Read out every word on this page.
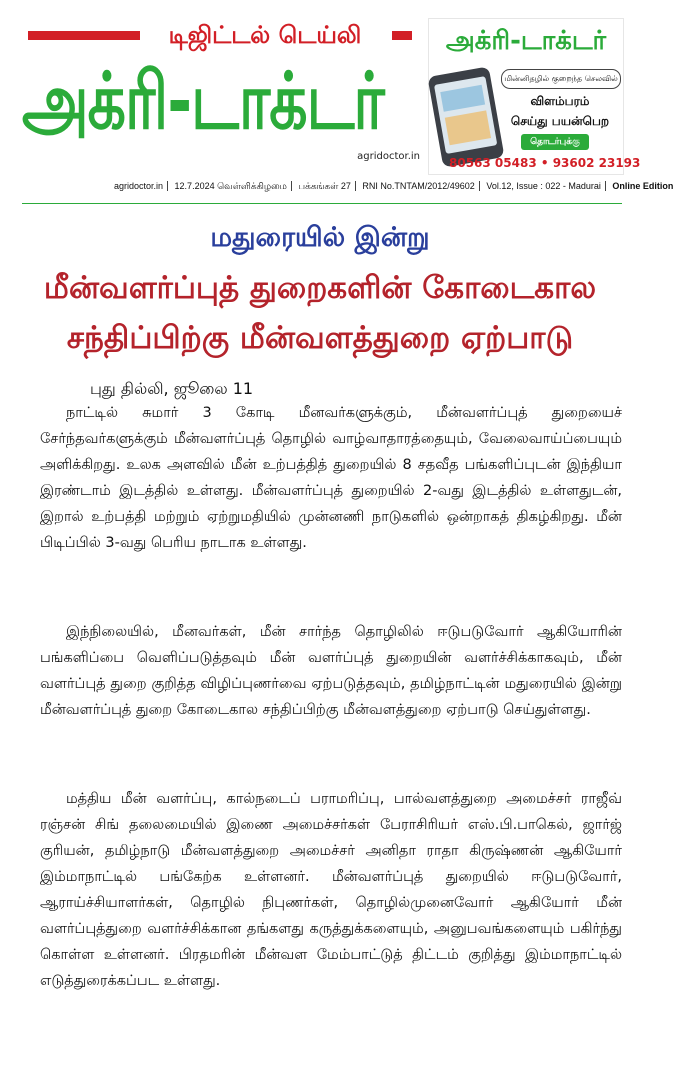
டிஜிட்டல் டெய்லி
அக்ரி-டாக்டர்
agridoctor.in
அக்ரி-டாக்டர்
மின்னிதழில் குறைந்த செலவில்
விளம்பரம்
செய்து பயன்பெற
தொடர்புக்கு
80563 05483 • 93602 23193
agridoctor.in 12.7.2024 வெள்ளிக்கிழமை பக்கங்கள் 27 RNI No.TNTAM/2012/49602 Vol.12, Issue : 022 - Madurai Online Edition
மதுரையில் இன்று
மீன்வளர்ப்புத் துறைகளின் கோடைகால சந்திப்பிற்கு மீன்வளத்துறை ஏற்பாடு
புது தில்லி, ஜூலை 11

நாட்டில் சுமார் 3 கோடி மீனவர்களுக்கும், மீன்வளர்ப்புத் துறையைச் சேர்ந்தவர்களுக்கும் மீன்வளர்ப்புத் தொழில் வாழ்வாதாரத்தையும், வேலைவாய்ப்பையும் அளிக்கிறது. உலக அளவில் மீன் உற்பத்தித் துறையில் 8 சதவீத பங்களிப்புடன் இந்தியா இரண்டாம் இடத்தில் உள்ளது. மீன்வளர்ப்புத் துறையில் 2-வது இடத்தில் உள்ளதுடன், இறால் உற்பத்தி மற்றும் ஏற்றுமதியில் முன்னணி நாடுகளில் ஒன்றாகத் திகழ்கிறது. மீன் பிடிப்பில் 3-வது பெரிய நாடாக உள்ளது.

இந்நிலையில், மீனவர்கள், மீன் சார்ந்த தொழிலில் ஈடுபடுவோர் ஆகியோரின் பங்களிப்பை வெளிப்படுத்தவும் மீன் வளர்ப்புத் துறையின் வளர்ச்சிக்காகவும், மீன் வளர்ப்புத் துறை குறித்த விழிப்புணர்வை ஏற்படுத்தவும், தமிழ்நாட்டின் மதுரையில் இன்று மீன்வளர்ப்புத் துறை கோடைகால சந்திப்பிற்கு மீன்வளத்துறை ஏற்பாடு செய்துள்ளது.

மத்திய மீன் வளர்ப்பு, கால்நடைப் பராமரிப்பு, பால்வளத்துறை அமைச்சர் ராஜீவ் ரஞ்சன் சிங் தலைமையில் இணை அமைச்சர்கள் பேராசிரியர் எஸ்.பி.பாகெல், ஜார்ஜ் குரியன், தமிழ்நாடு மீன்வளத்துறை அமைச்சர் அனிதா ராதா கிருஷ்ணன் ஆகியோர் இம்மாநாட்டில் பங்கேற்க உள்ளனர். மீன்வளர்ப்புத் துறையில் ஈடுபடுவோர், ஆராய்ச்சியாளர்கள், தொழில் நிபுணர்கள், தொழில்முனைவோர் ஆகியோர் மீன் வளர்ப்புத்துறை வளர்ச்சிக்கான தங்களது கருத்துக்களையும், அனுபவங்களையும் பகிர்ந்து கொள்ள உள்ளனர். பிரதமரின் மீன்வள மேம்பாட்டுத் திட்டம் குறித்து இம்மாநாட்டில் எடுத்துரைக்கப்பட உள்ளது.
